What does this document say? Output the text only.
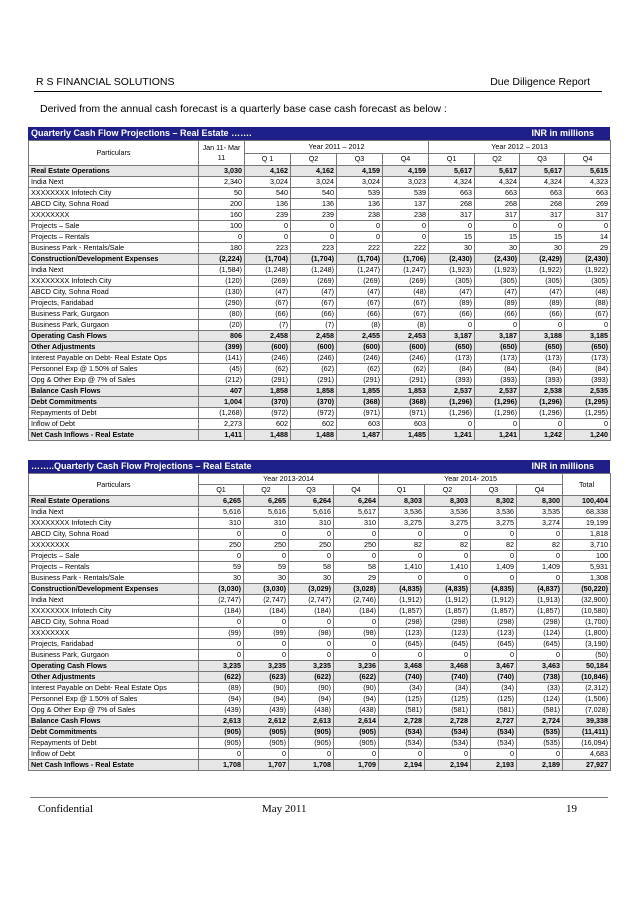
R S FINANCIAL SOLUTIONS	Due Diligence Report
Derived from the annual cash forecast is a quarterly base case cash forecast as below :
Quarterly Cash Flow Projections – Real Estate …….	INR in millions
Particulars	Jan 11- Mar 11	Year 2011 – 2012				Year 2012 – 2013			
		Q 1	Q2	Q3	Q4	Q1	Q2	Q3	Q4
Real Estate Operations	3,030	4,162	4,162	4,159	4,159	5,617	5,617	5,617	5,615
India Next	2,340	3,024	3,024	3,024	3,023	4,324	4,324	4,324	4,323
XXXXXXXX Infotech City	50	540	540	539	539	663	663	663	663
ABCD City, Sohna Road	200	136	136	136	137	268	268	268	269
XXXXXXXX	160	239	239	238	238	317	317	317	317
Projects – Sale	100	0	0	0	0	0	0	0	0
Projects – Rentals	0	0	0	0	0	15	15	15	14
Business Park - Rentals/Sale	180	223	223	222	222	30	30	30	29
Construction/Development Expenses	(2,224)	(1,704)	(1,704)	(1,704)	(1,706)	(2,430)	(2,430)	(2,429)	(2,430)
India Next	(1,584)	(1,248)	(1,248)	(1,247)	(1,247)	(1,923)	(1,923)	(1,922)	(1,922)
XXXXXXXX Infotech City	(120)	(269)	(269)	(269)	(269)	(305)	(305)	(305)	(305)
ABCD City, Sohna Road	(130)	(47)	(47)	(47)	(48)	(47)	(47)	(47)	(48)
Projects, Faridabad	(290)	(67)	(67)	(67)	(67)	(89)	(89)	(89)	(88)
Business Park, Gurgaon	(80)	(66)	(66)	(66)	(67)	(66)	(66)	(66)	(67)
Business Park, Gurgaon	(20)	(7)	(7)	(8)	(8)	0	0	0	0
Operating Cash Flows	806	2,458	2,458	2,455	2,453	3,187	3,187	3,188	3,185
Other Adjustments	(399)	(600)	(600)	(600)	(600)	(650)	(650)	(650)	(650)
Interest Payable on Debt- Real Estate Ops	(141)	(246)	(246)	(246)	(246)	(173)	(173)	(173)	(173)
Personnel Exp @ 1.50% of Sales	(45)	(62)	(62)	(62)	(62)	(84)	(84)	(84)	(84)
Opg & Other Exp @ 7% of Sales	(212)	(291)	(291)	(291)	(291)	(393)	(393)	(393)	(393)
Balance Cash Flows	407	1,858	1,858	1,855	1,853	2,537	2,537	2,538	2,535
Debt Commitments	1,004	(370)	(370)	(368)	(368)	(1,296)	(1,296)	(1,296)	(1,295)
Repayments of Debt	(1,268)	(972)	(972)	(971)	(971)	(1,296)	(1,296)	(1,296)	(1,295)
Inflow of Debt	2,273	602	602	603	603	0	0	0	0
Net Cash Inflows - Real Estate	1,411	1,488	1,488	1,487	1,485	1,241	1,241	1,242	1,240
……..Quarterly Cash Flow Projections – Real Estate	INR in millions
Particulars	Year 2013-2014				Year 2014- 2015				Total
	Q1	Q2	Q3	Q4	Q1	Q2	Q3	Q4	
Real Estate Operations	6,265	6,265	6,264	6,264	8,303	8,303	8,302	8,300	100,404
India Next	5,616	5,616	5,616	5,617	3,536	3,536	3,536	3,535	68,338
XXXXXXXX Infotech City	310	310	310	310	3,275	3,275	3,275	3,274	19,199
ABCD City, Sohna Road	0	0	0	0	0	0	0	0	1,818
XXXXXXXX	250	250	250	250	82	82	82	82	3,710
Projects – Sale	0	0	0	0	0	0	0	0	100
Projects – Rentals	59	59	58	58	1,410	1,410	1,409	1,409	5,931
Business Park - Rentals/Sale	30	30	30	29	0	0	0	0	1,308
Construction/Development Expenses	(3,030)	(3,030)	(3,029)	(3,028)	(4,835)	(4,835)	(4,835)	(4,837)	(50,220)
India Next	(2,747)	(2,747)	(2,747)	(2,746)	(1,912)	(1,912)	(1,912)	(1,913)	(32,900)
XXXXXXXX Infotech City	(184)	(184)	(184)	(184)	(1,857)	(1,857)	(1,857)	(1,857)	(10,580)
ABCD City, Sohna Road	0	0	0	0	(298)	(298)	(298)	(298)	(1,700)
XXXXXXXX	(99)	(99)	(98)	(98)	(123)	(123)	(123)	(124)	(1,800)
Projects, Faridabad	0	0	0	0	(645)	(645)	(645)	(645)	(3,190)
Business Park, Gurgaon	0	0	0	0	0	0	0	0	(50)
Operating Cash Flows	3,235	3,235	3,235	3,236	3,468	3,468	3,467	3,463	50,184
Other Adjustments	(622)	(623)	(622)	(622)	(740)	(740)	(740)	(738)	(10,846)
Interest Payable on Debt- Real Estate Ops	(89)	(90)	(90)	(90)	(34)	(34)	(34)	(33)	(2,312)
Personnel Exp @ 1.50% of Sales	(94)	(94)	(94)	(94)	(125)	(125)	(125)	(124)	(1,506)
Opg & Other Exp @ 7% of Sales	(439)	(439)	(438)	(438)	(581)	(581)	(581)	(581)	(7,028)
Balance Cash Flows	2,613	2,612	2,613	2,614	2,728	2,728	2,727	2,724	39,338
Debt Commitments	(905)	(905)	(905)	(905)	(534)	(534)	(534)	(535)	(11,411)
Repayments of Debt	(905)	(905)	(905)	(905)	(534)	(534)	(534)	(535)	(16,094)
Inflow of Debt	0	0	0	0	0	0	0	0	4,683
Net Cash Inflows - Real Estate	1,708	1,707	1,708	1,709	2,194	2,194	2,193	2,189	27,927
Confidential	May 2011	19
